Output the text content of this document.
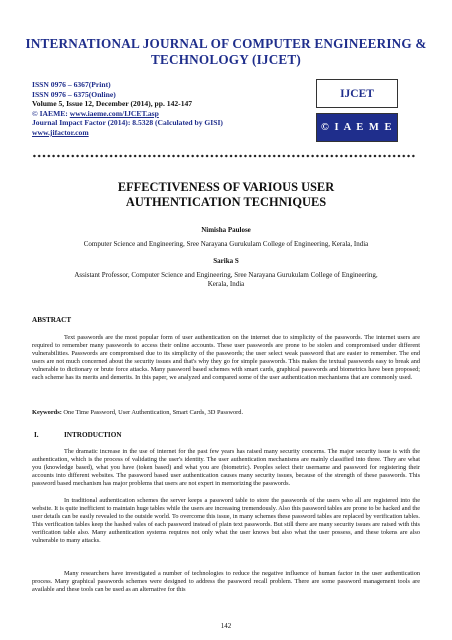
INTERNATIONAL JOURNAL OF COMPUTER ENGINEERING & TECHNOLOGY (IJCET)
ISSN 0976 – 6367(Print)
ISSN 0976 – 6375(Online)
Volume 5, Issue 12, December (2014), pp. 142-147
© IAEME: www.iaeme.com/IJCET.asp
Journal Impact Factor (2014): 8.5328 (Calculated by GISI)
www.jifactor.com
IJCET
© I A E M E
EFFECTIVENESS OF VARIOUS USER AUTHENTICATION TECHNIQUES
Nimisha Paulose
Computer Science and Engineering, Sree Narayana Gurukulam College of Engineering, Kerala, India
Sarika S
Assistant Professor, Computer Science and Engineering, Sree Narayana Gurukulam College of Engineering, Kerala, India
ABSTRACT

Text passwords are the most popular form of user authentication on the internet due to simplicity of the passwords. The internet users are required to remember many passwords to access their online accounts. These user passwords are prone to be stolen and compromised under different vulnerabilities. Passwords are compromised due to its simplicity of the passwords; the user select weak password that are easier to remember. The end users are not much concerned about the security issues and that's why they go for simple passwords. This makes the textual passwords easy to break and vulnerable to dictionary or brute force attacks. Many password based schemes with smart cards, graphical passwords and biometrics have been proposed; each scheme has its merits and demerits. In this paper, we analyzed and compared some of the user authentication mechanisms that are commonly used.

Keywords: One Time Password, User Authentication, Smart Cards, 3D Password.
I.	INTRODUCTION

The dramatic increase in the use of internet for the past few years has raised many security concerns. The major security issue is with the authentication, which is the process of validating the user's identity. The user authentication mechanisms are mainly classified into three. They are what you (knowledge based), what you have (token based) and what you are (biometric). Peoples select their username and password for registering their accounts into different websites. The password based user authentication causes many security issues, because of the strength of these passwords. This password based mechanism has major problems that users are not expert in memorizing the passwords.

In traditional authentication schemes the server keeps a password table to store the passwords of the users who all are registered into the website. It is quite inefficient to maintain huge tables while the users are increasing tremendously. Also this password tables are prone to be hacked and the user details can be easily revealed to the outside world. To overcome this issue, in many schemes these password tables are replaced by verification tables. This verification tables keep the hashed vales of each password instead of plain text passwords. But still there are many security issues are raised with this verification table also. Many authentication systems requires not only what the user knows but also what the user possess, and these tokens are also vulnerable to many attacks.

Many researchers have investigated a number of technologies to reduce the negative influence of human factor in the user authentication process. Many graphical passwords schemes were designed to address the password recall problem. There are some password management tools are available and these tools can be used as an alternative for this

142
